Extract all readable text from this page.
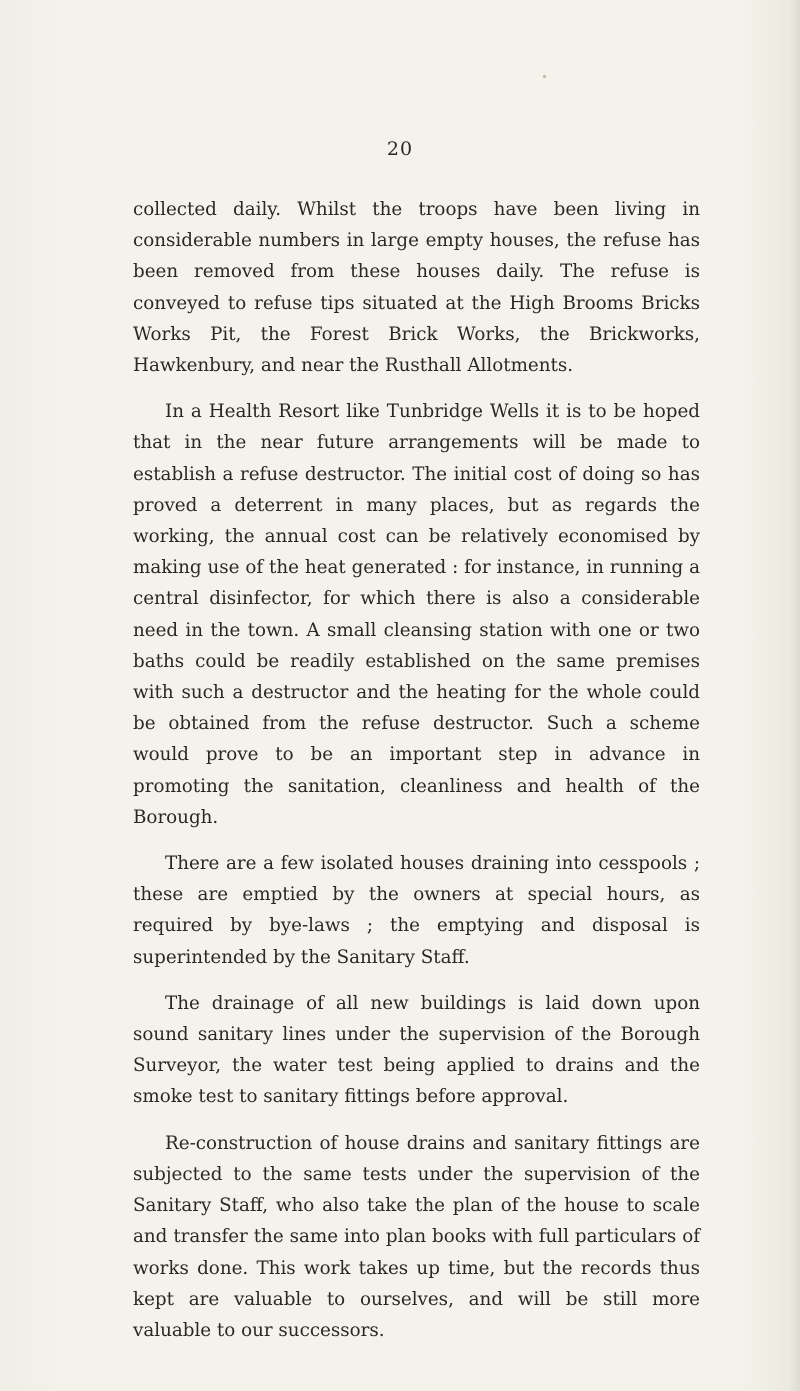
20

collected daily. Whilst the troops have been living in considerable numbers in large empty houses, the refuse has been removed from these houses daily. The refuse is conveyed to refuse tips situated at the High Brooms Bricks Works Pit, the Forest Brick Works, the Brickworks, Hawkenbury, and near the Rusthall Allotments.

In a Health Resort like Tunbridge Wells it is to be hoped that in the near future arrangements will be made to establish a refuse destructor. The initial cost of doing so has proved a deterrent in many places, but as regards the working, the annual cost can be relatively economised by making use of the heat generated : for instance, in running a central disinfector, for which there is also a considerable need in the town. A small cleansing station with one or two baths could be readily established on the same premises with such a destructor and the heating for the whole could be obtained from the refuse destructor. Such a scheme would prove to be an important step in advance in promoting the sanitation, cleanliness and health of the Borough.

There are a few isolated houses draining into cesspools ; these are emptied by the owners at special hours, as required by bye-laws ; the emptying and disposal is superintended by the Sanitary Staff.

The drainage of all new buildings is laid down upon sound sanitary lines under the supervision of the Borough Surveyor, the water test being applied to drains and the smoke test to sanitary fittings before approval.

Re-construction of house drains and sanitary fittings are subjected to the same tests under the supervision of the Sanitary Staff, who also take the plan of the house to scale and transfer the same into plan books with full particulars of works done. This work takes up time, but the records thus kept are valuable to ourselves, and will be still more valuable to our successors.
